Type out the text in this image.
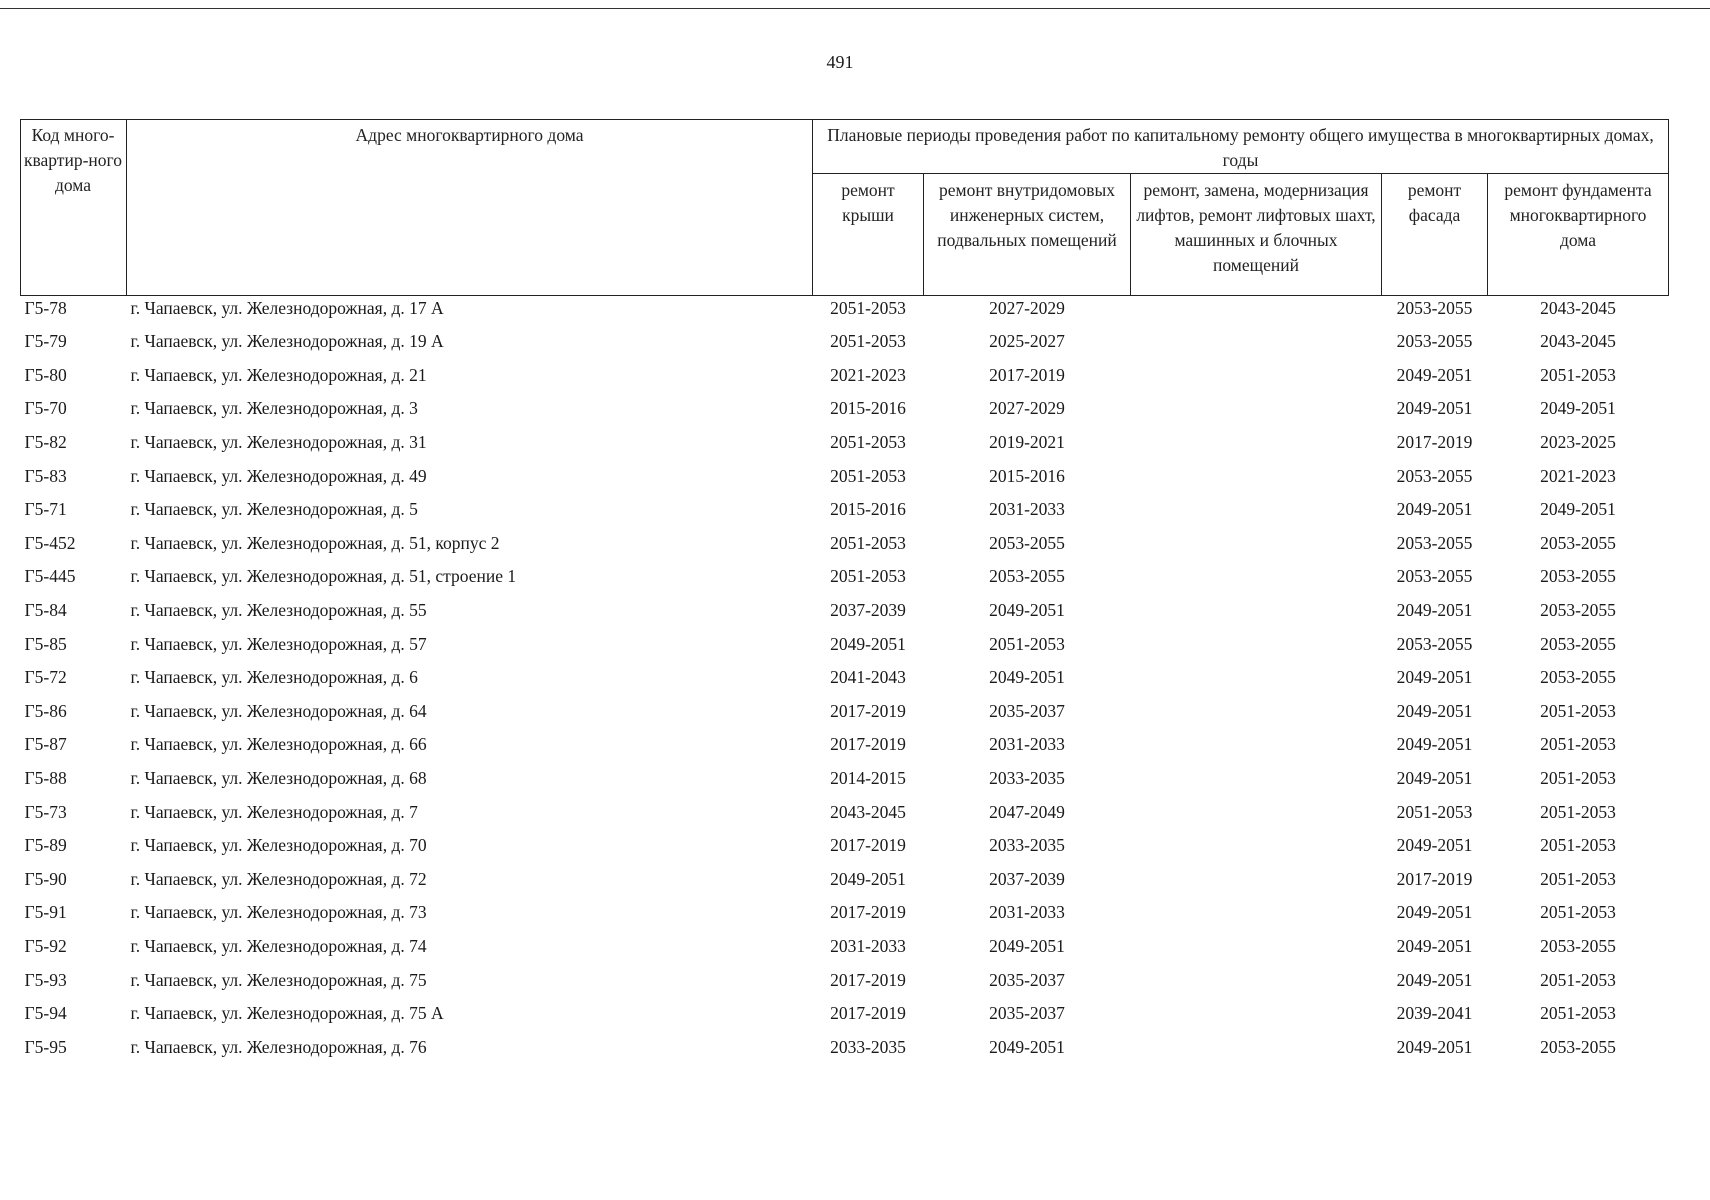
491
Код много-квартир-ного дома	Адрес многоквартирного дома	Плановые периоды проведения работ по капитальному ремонту общего имущества в многоквартирных домах, годы				
		ремонт крыши	ремонт внутридомовых инженерных систем, подвальных помещений	ремонт, замена, модернизация лифтов, ремонт лифтовых шахт, машинных и блочных помещений	ремонт фасада	ремонт фундамента многоквартирного дома
Г5-78	г. Чапаевск, ул. Железнодорожная, д. 17 А	2051-2053	2027-2029		2053-2055	2043-2045
Г5-79	г. Чапаевск, ул. Железнодорожная, д. 19 А	2051-2053	2025-2027		2053-2055	2043-2045
Г5-80	г. Чапаевск, ул. Железнодорожная, д. 21	2021-2023	2017-2019		2049-2051	2051-2053
Г5-70	г. Чапаевск, ул. Железнодорожная, д. 3	2015-2016	2027-2029		2049-2051	2049-2051
Г5-82	г. Чапаевск, ул. Железнодорожная, д. 31	2051-2053	2019-2021		2017-2019	2023-2025
Г5-83	г. Чапаевск, ул. Железнодорожная, д. 49	2051-2053	2015-2016		2053-2055	2021-2023
Г5-71	г. Чапаевск, ул. Железнодорожная, д. 5	2015-2016	2031-2033		2049-2051	2049-2051
Г5-452	г. Чапаевск, ул. Железнодорожная, д. 51, корпус 2	2051-2053	2053-2055		2053-2055	2053-2055
Г5-445	г. Чапаевск, ул. Железнодорожная, д. 51, строение 1	2051-2053	2053-2055		2053-2055	2053-2055
Г5-84	г. Чапаевск, ул. Железнодорожная, д. 55	2037-2039	2049-2051		2049-2051	2053-2055
Г5-85	г. Чапаевск, ул. Железнодорожная, д. 57	2049-2051	2051-2053		2053-2055	2053-2055
Г5-72	г. Чапаевск, ул. Железнодорожная, д. 6	2041-2043	2049-2051		2049-2051	2053-2055
Г5-86	г. Чапаевск, ул. Железнодорожная, д. 64	2017-2019	2035-2037		2049-2051	2051-2053
Г5-87	г. Чапаевск, ул. Железнодорожная, д. 66	2017-2019	2031-2033		2049-2051	2051-2053
Г5-88	г. Чапаевск, ул. Железнодорожная, д. 68	2014-2015	2033-2035		2049-2051	2051-2053
Г5-73	г. Чапаевск, ул. Железнодорожная, д. 7	2043-2045	2047-2049		2051-2053	2051-2053
Г5-89	г. Чапаевск, ул. Железнодорожная, д. 70	2017-2019	2033-2035		2049-2051	2051-2053
Г5-90	г. Чапаевск, ул. Железнодорожная, д. 72	2049-2051	2037-2039		2017-2019	2051-2053
Г5-91	г. Чапаевск, ул. Железнодорожная, д. 73	2017-2019	2031-2033		2049-2051	2051-2053
Г5-92	г. Чапаевск, ул. Железнодорожная, д. 74	2031-2033	2049-2051		2049-2051	2053-2055
Г5-93	г. Чапаевск, ул. Железнодорожная, д. 75	2017-2019	2035-2037		2049-2051	2051-2053
Г5-94	г. Чапаевск, ул. Железнодорожная, д. 75 А	2017-2019	2035-2037		2039-2041	2051-2053
Г5-95	г. Чапаевск, ул. Железнодорожная, д. 76	2033-2035	2049-2051		2049-2051	2053-2055
